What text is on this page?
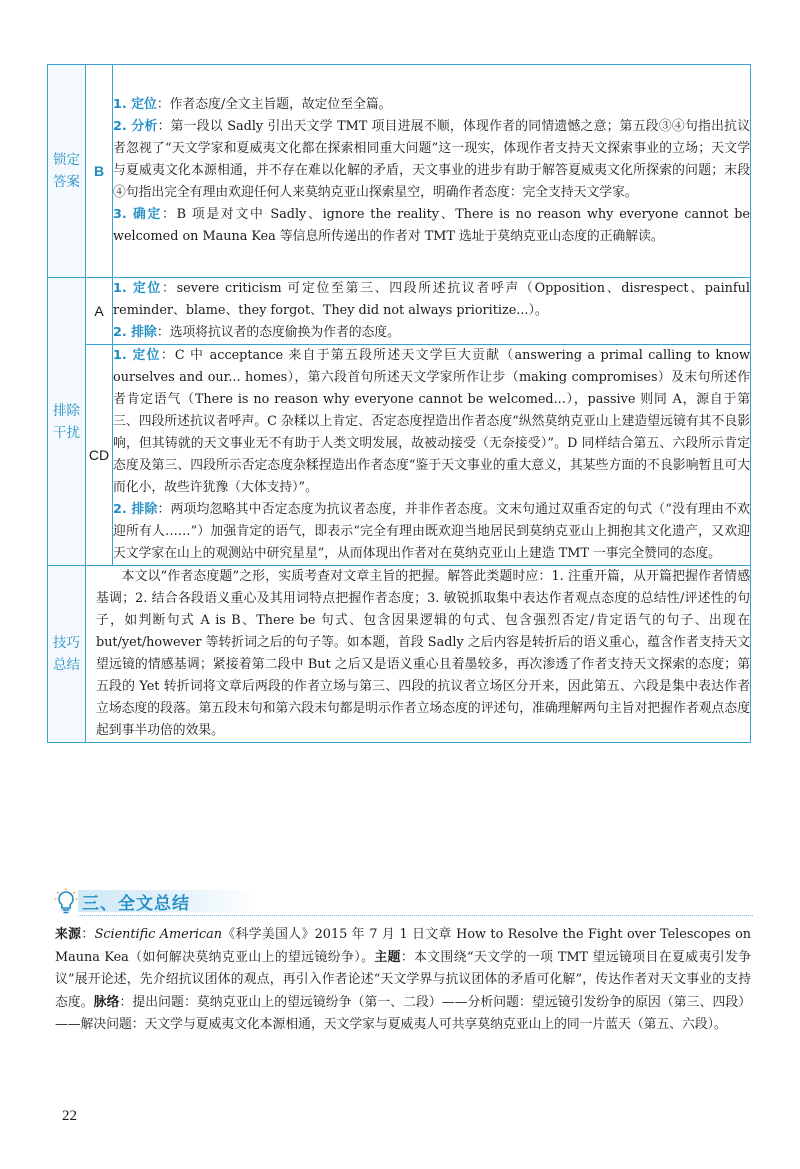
锁定答案	B	1. 定位：作者态度/全文主旨题，故定位至全篇。

2. 分析：第一段以 Sadly 引出天文学 TMT 项目进展不顺，体现作者的同情遗憾之意；第五段③④句指出抗议者忽视了“天文学家和夏威夷文化都在探索相同重大问题”这一现实，体现作者支持天文探索事业的立场；天文学与夏威夷文化本源相通，并不存在难以化解的矛盾，天文事业的进步有助于解答夏威夷文化所探索的问题；末段④句指出完全有理由欢迎任何人来莫纳克亚山探索星空，明确作者态度：完全支持天文学家。

3. 确定：B 项是对文中 Sadly、ignore the reality、There is no reason why everyone cannot be welcomed on Mauna Kea 等信息所传递出的作者对 TMT 选址于莫纳克亚山态度的正确解读。

排除干扰	A	1. 定位：severe criticism 可定位至第三、四段所述抗议者呼声（Opposition、disrespect、painful reminder、blame、they forgot、They did not always prioritize...）。

2. 排除：选项将抗议者的态度偷换为作者的态度。

	CD	1. 定位：C 中 acceptance 来自于第五段所述天文学巨大贡献（answering a primal calling to know ourselves and our... homes），第六段首句所述天文学家所作让步（making compromises）及末句所述作者肯定语气（There is no reason why everyone cannot be welcomed...），passive 则同 A，源自于第三、四段所述抗议者呼声。C 杂糅以上肯定、否定态度捏造出作者态度“纵然莫纳克亚山上建造望远镜有其不良影响，但其铸就的天文事业无不有助于人类文明发展，故被动接受（无奈接受）”。D 同样结合第五、六段所示肯定态度及第三、四段所示否定态度杂糅捏造出作者态度“鉴于天文事业的重大意义，其某些方面的不良影响暂且可大而化小，故些许犹豫（大体支持）”。

2. 排除：两项均忽略其中否定态度为抗议者态度，并非作者态度。文末句通过双重否定的句式（“没有理由不欢迎所有人……”）加强肯定的语气，即表示“完全有理由既欢迎当地居民到莫纳克亚山上拥抱其文化遗产，又欢迎天文学家在山上的观测站中研究星星”，从而体现出作者对在莫纳克亚山上建造 TMT 一事完全赞同的态度。

技巧总结	本文以“作者态度题”之形，实质考查对文章主旨的把握。解答此类题时应：1. 注重开篇，从开篇把握作者情感基调；2. 结合各段语义重心及其用词特点把握作者态度；3. 敏锐抓取集中表达作者观点态度的总结性/评述性的句子，如判断句式 A is B、There be 句式、包含因果逻辑的句式、包含强烈否定/肯定语气的句子、出现在 but/yet/however 等转折词之后的句子等。如本题，首段 Sadly 之后内容是转折后的语义重心，蕴含作者支持天文望远镜的情感基调；紧接着第二段中 But 之后又是语义重心且着墨较多，再次渗透了作者支持天文探索的态度；第五段的 Yet 转折词将文章后两段的作者立场与第三、四段的抗议者立场区分开来，因此第五、六段是集中表达作者立场态度的段落。第五段末句和第六段末句都是明示作者立场态度的评述句，准确理解两句主旨对把握作者观点态度起到事半功倍的效果。	

三、全文总结

来源：Scientific American《科学美国人》2015 年 7 月 1 日文章 How to Resolve the Fight over Telescopes on Mauna Kea（如何解决莫纳克亚山上的望远镜纷争）。主题：本文围绕“天文学的一项 TMT 望远镜项目在夏威夷引发争议”展开论述，先介绍抗议团体的观点，再引入作者论述“天文学界与抗议团体的矛盾可化解”，传达作者对天文事业的支持态度。脉络：提出问题：莫纳克亚山上的望远镜纷争（第一、二段）——分析问题：望远镜引发纷争的原因（第三、四段）——解决问题：天文学与夏威夷文化本源相通，天文学家与夏威夷人可共享莫纳克亚山上的同一片蓝天（第五、六段）。

22
